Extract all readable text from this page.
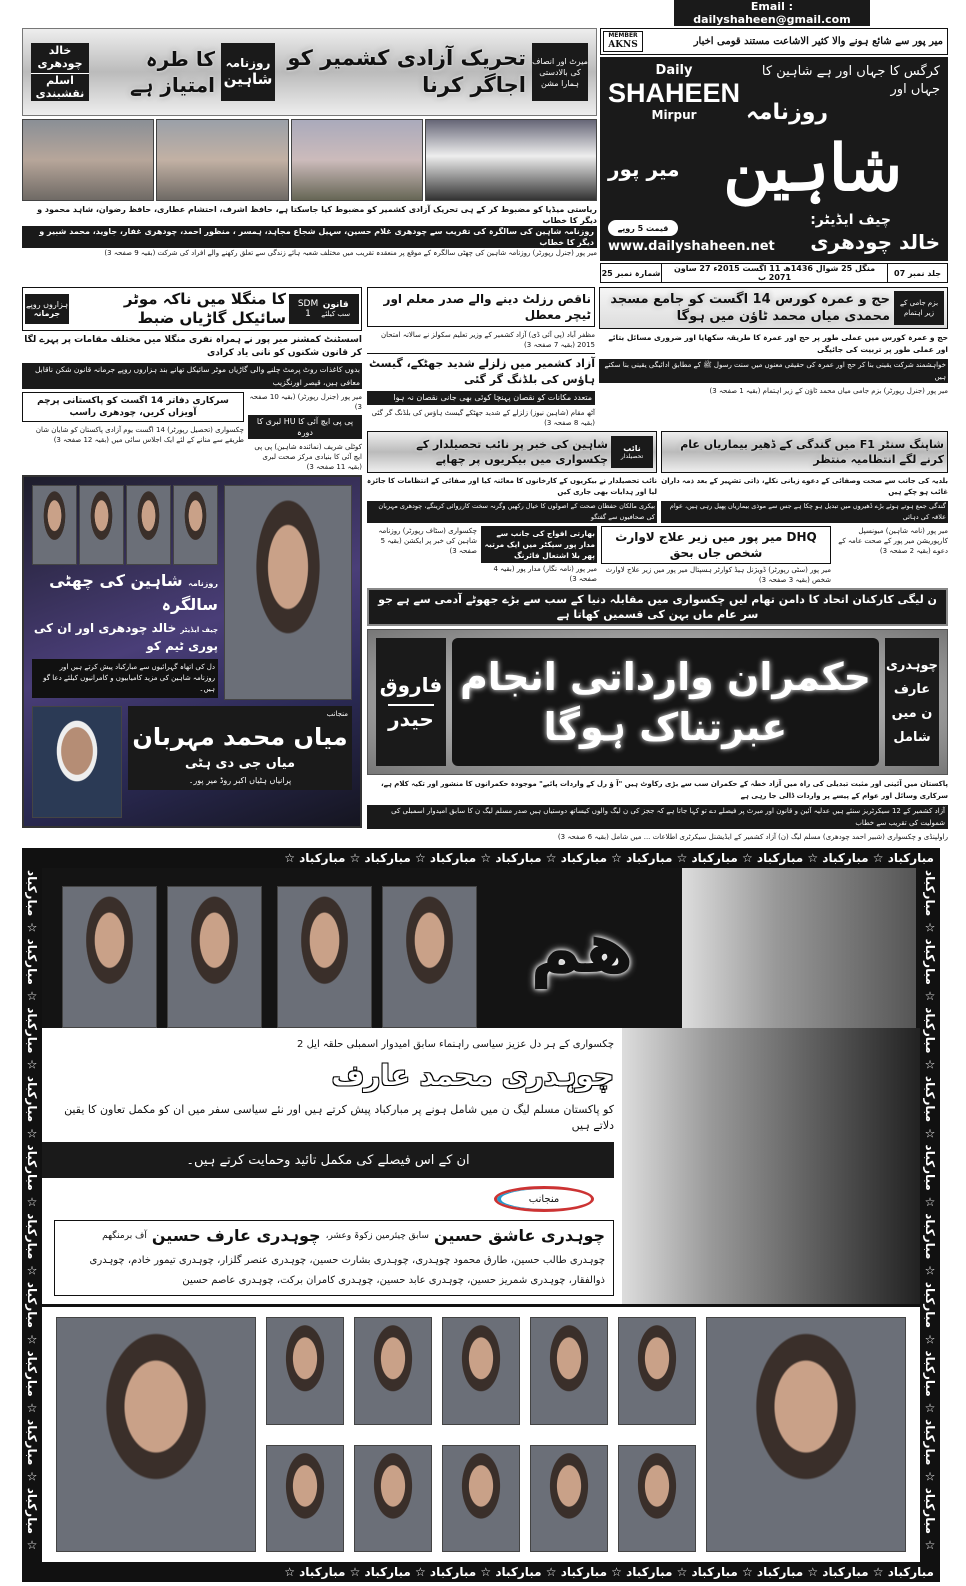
Email : dailyshaheen@gmail.com
خالد چودھری
اسلم نقشبندی
کا طرہ امتیاز ہے
روزنامہ
شاہین
تحریک آزادی کشمیر کو اجاگر کرنا
میرٹ اور انصاف
کی بالادستی
ہمارا مشن
ریاستی میڈیا کو مضبوط کر کے ہی تحریک آزادی کشمیر کو مضبوط کیا جاسکتا ہے، حافظ اشرف، احتشام عطاری، حافظ رضوان، شاہد محمود و دیگر کا خطاب
روزنامہ شاہین کی سالگرہ کی تقریب سے چودھری غلام حسین، سہیل شجاع مجاہد، ہمسر ، منظور احمد، چودھری غفار، جاوید، محمد شبیر و دیگر کا خطاب
میر پور (جنرل رپورٹر) روزنامہ شاہین کی چھٹی سالگرہ کے موقع پر منعقدہ تقریب میں مختلف شعبہ ہائے زندگی سے تعلق رکھنے والے افراد کی شرکت (بقیہ 9 صفحہ 3)
MEMBER
AKNS	میر پور سے شائع ہونے والا کثیر الاشاعت مستند قومی اخبار
Daily
SHAHEEN
Mirpur
کرگس کا جہاں اور ہے شاہین کا جہاں اور
روزنامہ
میر پور شاہین
قیمت 5 روپے
www.dailyshaheen.net
چیف ایڈیٹر:
خالد چودھری
جلد نمبر 07
منگل 25 شوال 1436ھ 11 اگست 2015ء 27 ساون 2071 ب
شمارہ نمبر 25
ہزاروں روپے
جرمانہ
کا منگلا میں ناکہ موٹر سائیکل گاڑیاں ضبط
SDM
1
قانون
سب کیلئے
اسسٹنٹ کمشنر میر پور نے ہمراہ نفری منگلا میں مختلف مقامات پر پہرے لگا کر قانون شکنوں کو نانی یاد کرادی
بدوں کاغذات روٹ پرمٹ چلنے والی گاڑیاں موٹر سائیکل تھانے بند ہزاروں روپے جرمانہ قانون شکن ناقابل معافی ہیں، قیصر اورنگزیب
سرکاری دفاتر 14 اگست کو پاکستانی پرچم آویزاں کریں، چودھری راسب
چکسواری (تحصیل رپورٹر) 14 اگست یوم آزادی پاکستان کو شایان شان طریقے سے منانے کے لئے ایک اجلاس سائی میں (بقیہ 12 صفحہ 3)
میر پور (جنرل رپورٹر) (بقیہ 10 صفحہ 3)
پی پی ایچ آئی کا HU لبری کا دورہ
کوٹلی شریف (نمائندہ شاہین) پی پی ایچ آئی کا بنیادی مرکز صحت لبری (بقیہ 11 صفحہ 3)
روزنامہ شاہین کی چھٹی سالگرہ
چیف ایڈیٹر خالد چودھری اور ان کی پوری ٹیم کو
دل کی اتھاہ گہرائیوں سے مبارکباد پیش کرتے ہیں اور
روزنامہ شاہین کی مزید کامیابیوں و کامرانیوں کیلئے دعا گو ہیں۔
منجانب
میاں محمد مہربان
میاں جی دی ہٹی
پرانیاں ہٹیاں اکبر روڈ میر پور۔
ناقص رزلٹ دینے والے صدر معلم اور ٹیچر معطل
مظفر آباد (پی آئی ڈی) آزاد کشمیر کے وزیر تعلیم سکولز نے سالانہ امتحان 2015 (بقیہ 7 صفحہ 3)
آزاد کشمیر میں زلزلے شدید جھٹکے، گیسٹ ہاؤس کی بلڈنگ گر گئی
متعدد مکانات کو نقصان پہنچا کوئی بھی جانی نقصان نہ ہوا
آٹھ مقام (شاہین نیوز) زلزلے کے شدید جھٹکے گیسٹ ہاؤس کی بلڈنگ گر گئی (بقیہ 8 صفحہ 3)
حج و عمرہ کورس 14 اگست کو جامع مسجد محمدی میاں محمد ٹاؤن میں ہوگا
بزم جامی کے
زیر اہتمام
حج و عمرہ کورس میں عملی طور پر حج اور عمرہ کا طریقہ سکھایا اور ضروری مسائل بتائے اور عملی طور پر تربیت کی جائیگی
خواہشمند شرکت یقینی بنا کر حج اور عمرہ کی حقیقی معنوں میں سنت رسول ﷺ کے مطابق ادائیگی یقینی بنا سکتے ہیں
میر پور (جنرل رپورٹر) بزم جامی میاں محمد ٹاؤن کے زیر اہتمام (بقیہ 1 صفحہ 3)
شاہین کی خبر پر نائب تحصیلدار کے چکسواری میں بیکریوں پر چھاپے
نائب
تحصیلدار
نائب تحصیلدار نے بیکریوں کے کارخانوں کا معائنہ کیا اور صفائی کے انتظامات کا جائزہ لیا اور ہدایات بھی جاری کیں
بیکری مالکان حفظان صحت کے اصولوں کا خیال رکھیں وگرنہ سخت کارروائی کرینگے، چودھری مہربان کی صحافیوں سے گفتگو
شاپنگ سنٹر F1 میں گندگی کے ڈھیر بیماریاں عام کرنے لگے انتظامیہ منتظر
بلدیہ کی جانب سے صحت وصفائی کے دعوے زبانی نکلے، ذاتی تشہیر کے بعد ذمہ داران غائب ہو چکے ہیں
گندگی جمع ہوتے ہوئے بڑے ڈھیروں میں تبدیل ہو چکا ہے جس سے موذی بیماریاں پھیل رہی ہیں، عوام علاقہ کی دہائی
چکسواری (سٹاف رپورٹر) روزنامہ شاہین کی خبر پر ایکشن (بقیہ 5 صفحہ 3)
بھارتی افواج کی جانب سے مدار پور سیکٹر میں ایک مرتبہ پھر بلا اشتعال فائرنگ
میر پور (نامہ نگار) مدار پور (بقیہ 4 صفحہ 3)
DHQ میر پور میں زیر علاج لاوارث شخص جاں بحق
میر پور (سٹی رپورٹر) ڈویژنل ہیڈ کوارٹر ہسپتال میر پور میں زیر علاج لاوارث شخص (بقیہ 3 صفحہ 3)
میر پور (نامہ شاہین) میونسپل کارپوریشن میر پور کے صحت عامہ کے دعوے (بقیہ 2 صفحہ 3)
ن لیگی کارکنان اتحاد کا دامن تھام لیں چکسواری میں مقابلہ دنیا کے سب سے بڑے جھوٹے آدمی سے ہے جو سر عام ماں بہن کی قسمیں کھاتا ہے
فاروق
حیدر
حکمران وارداتی انجام عبرتناک ہوگا
چوہدری
عارف
ن میں
شامل
پاکستان میں آئینی اور مثبت تبدیلی کی راہ میں آزاد خطہ کے حکمران سب سے بڑی رکاوٹ ہیں "آ ؤ رل کے واردات پائیے" موجودہ حکمرانوں کا منشور اور تکیہ کلام ہے، سرکاری وسائل اور عوام کے پیسے پر واردات ڈالی جا رہی ہے
آزاد کشمیر کے 12 سیکرٹریز سنئے ہیں عدلیہ آئین و قانون اور میرٹ پر فیصلے دے تو کہا جاتا ہے کہ ججز کی ن لیگ والوں کیساتھ دوستیاں ہیں صدر مسلم لیگ ن کا سابق امیدوار اسمبلی کی شمولیت کی تقریب سے خطاب
راولپنڈی و چکسواری (شبیر احمد چودھری) مسلم لیگ (ن) آزاد کشمیر کے ایڈیشنل سیکرٹری اطلاعات ... میں شامل (بقیہ 6 صفحہ 3)
مبارکباد ☆ مبارکباد ☆ مبارکباد ☆ مبارکباد ☆ مبارکباد ☆ مبارکباد ☆ مبارکباد ☆ مبارکباد ☆ مبارکباد ☆ مبارکباد ☆
مبارکباد ☆ مبارکباد ☆ مبارکباد ☆ مبارکباد ☆ مبارکباد ☆ مبارکباد ☆ مبارکباد ☆ مبارکباد ☆ مبارکباد ☆ مبارکباد ☆
ھم
چکسواری کے ہر دل عزیز سیاسی راہنماء سابق امیدوار اسمبلی حلقہ ایل 2
چوہدری محمد عارف
کو پاکستان مسلم لیگ ن میں شامل ہونے پر مبارکباد پیش کرتے ہیں اور نئے سیاسی سفر میں ان کو مکمل تعاون کا یقین دلاتے ہیں
ان کے اس فیصلے کی مکمل تائید وحمایت کرتے ہیں۔
منجانب
چوہدری عاشق حسین
سابق چیئرمین زکوۃ وعشر،
چوہدری عارف حسین
آف برمنگھم
چوہدری طالب حسین، طارق محمود چوہدری، چوہدری بشارت حسین، چوہدری عنصر گلزار، چوہدری تیمور خادم، چوہدری
ذوالفقار، چوہدری شمریز حسین، چوہدری عابد حسین، چوہدری کامران برکت، چوہدری عاصم حسین	مبارکباد ☆ مبارکباد ☆ مبارکباد ☆ مبارکباد ☆ مبارکباد ☆ مبارکباد ☆ مبارکباد ☆ مبارکباد ☆ مبارکباد ☆ مبارکباد ☆
مبارکباد ☆ مبارکباد ☆ مبارکباد ☆ مبارکباد ☆ مبارکباد ☆ مبارکباد ☆ مبارکباد ☆ مبارکباد ☆ مبارکباد ☆ مبارکباد ☆
